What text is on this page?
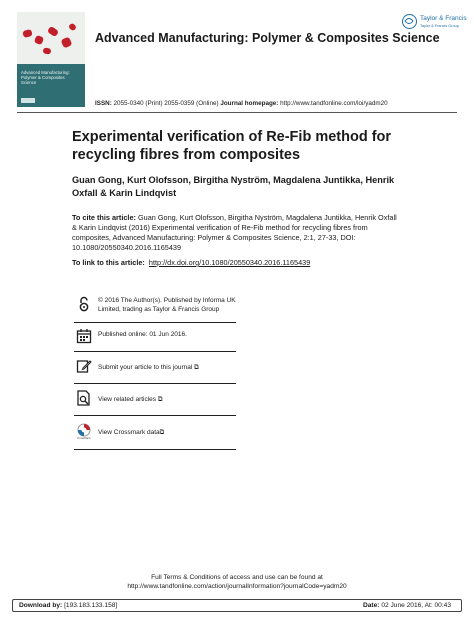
Advanced Manufacturing: Polymer & Composites Science
Advanced Manufacturing: Polymer & Composites Science
Taylor & Francis
Taylor & Francis Group
ISSN: 2055-0340 (Print) 2055-0359 (Online) Journal homepage: http://www.tandfonline.com/loi/yadm20
Experimental verification of Re-Fib method for recycling fibres from composites
Guan Gong, Kurt Olofsson, Birgitha Nyström, Magdalena Juntikka, Henrik Oxfall & Karin Lindqvist
To cite this article: Guan Gong, Kurt Olofsson, Birgitha Nyström, Magdalena Juntikka, Henrik Oxfall & Karin Lindqvist (2016) Experimental verification of Re-Fib method for recycling fibres from composites, Advanced Manufacturing: Polymer & Composites Science, 2:1, 27-33, DOI: 10.1080/20550340.2016.1165439
To link to this article: http://dx.doi.org/10.1080/20550340.2016.1165439
© 2016 The Author(s). Published by Informa UK Limited, trading as Taylor & Francis Group
Published online: 01 Jun 2016.
Submit your article to this journal ⧉
View related articles ⧉
CrossMark
View Crossmark data⧉
Full Terms & Conditions of access and use can be found at
http://www.tandfonline.com/action/journalInformation?journalCode=yadm20
Download by: [193.183.133.158]	Date: 02 June 2016, At: 00:43
